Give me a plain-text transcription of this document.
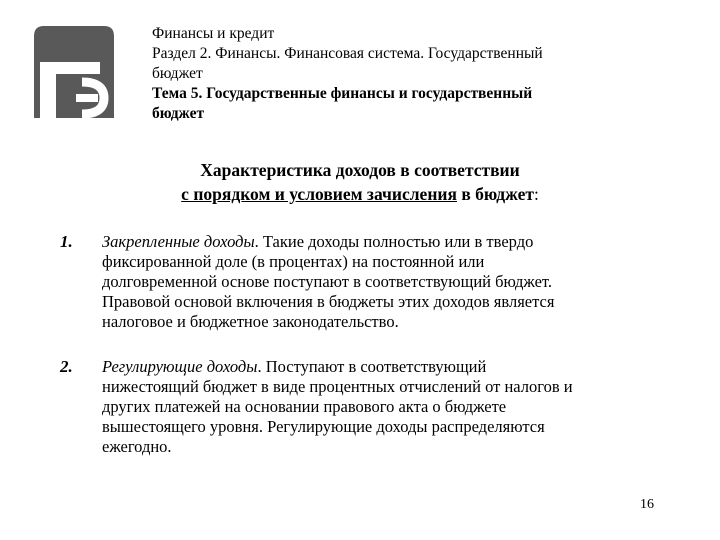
Финансы и кредит
Раздел 2. Финансы. Финансовая система. Государственный
бюджет
Тема 5. Государственные финансы и государственный
бюджет
Характеристика доходов в соответствии
с порядком и условием зачисления в бюджет:
1. Закрепленные доходы. Такие доходы полностью или в твердо
фиксированной доле (в процентах) на постоянной или
долговременной основе поступают в соответствующий бюджет.
Правовой основой включения в бюджеты этих доходов является
налоговое и бюджетное законодательство.
2. Регулирующие доходы. Поступают в соответствующий
нижестоящий бюджет в виде процентных отчислений от налогов и
других платежей на основании правового акта о бюджете
вышестоящего уровня. Регулирующие доходы распределяются
ежегодно.
16
